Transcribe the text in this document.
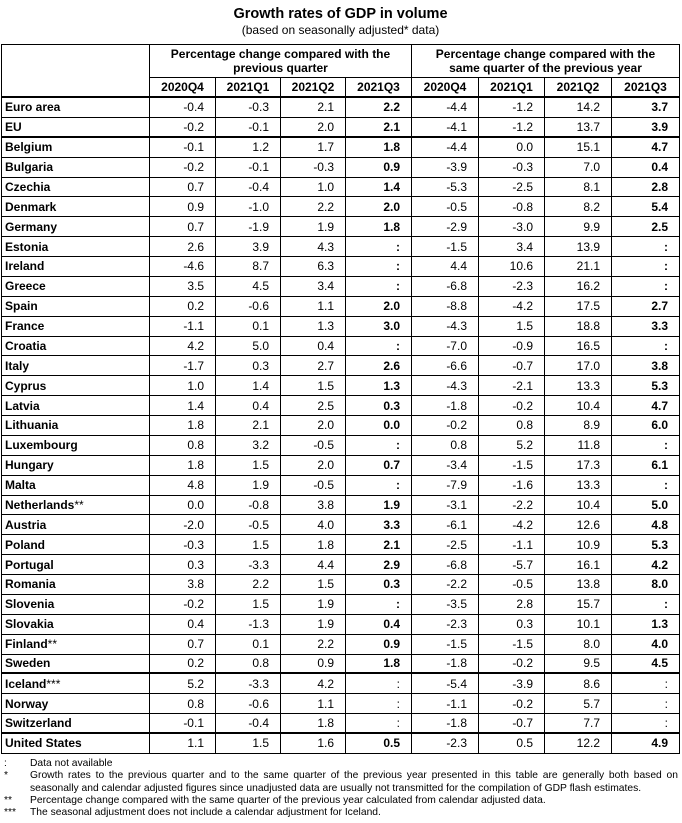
Growth rates of GDP in volume
(based on seasonally adjusted* data)
Percentage change compared with the
previous quarter
Percentage change compared with the
same quarter of the previous year
2020Q4	2021Q1	2021Q2	2021Q3	2020Q4	2021Q1	2021Q2	2021Q3
Euro area	-0.4	-0.3	2.1	2.2	-4.4	-1.2	14.2	3.7
EU	-0.2	-0.1	2.0	2.1	-4.1	-1.2	13.7	3.9
Belgium	-0.1	1.2	1.7	1.8	-4.4	0.0	15.1	4.7
Bulgaria	-0.2	-0.1	-0.3	0.9	-3.9	-0.3	7.0	0.4
Czechia	0.7	-0.4	1.0	1.4	-5.3	-2.5	8.1	2.8
Denmark	0.9	-1.0	2.2	2.0	-0.5	-0.8	8.2	5.4
Germany	0.7	-1.9	1.9	1.8	-2.9	-3.0	9.9	2.5
Estonia	2.6	3.9	4.3	:	-1.5	3.4	13.9	:
Ireland	-4.6	8.7	6.3	:	4.4	10.6	21.1	:
Greece	3.5	4.5	3.4	:	-6.8	-2.3	16.2	:
Spain	0.2	-0.6	1.1	2.0	-8.8	-4.2	17.5	2.7
France	-1.1	0.1	1.3	3.0	-4.3	1.5	18.8	3.3
Croatia	4.2	5.0	0.4	:	-7.0	-0.9	16.5	:
Italy	-1.7	0.3	2.7	2.6	-6.6	-0.7	17.0	3.8
Cyprus	1.0	1.4	1.5	1.3	-4.3	-2.1	13.3	5.3
Latvia	1.4	0.4	2.5	0.3	-1.8	-0.2	10.4	4.7
Lithuania	1.8	2.1	2.0	0.0	-0.2	0.8	8.9	6.0
Luxembourg	0.8	3.2	-0.5	:	0.8	5.2	11.8	:
Hungary	1.8	1.5	2.0	0.7	-3.4	-1.5	17.3	6.1
Malta	4.8	1.9	-0.5	:	-7.9	-1.6	13.3	:
Netherlands **	0.0	-0.8	3.8	1.9	-3.1	-2.2	10.4	5.0
Austria	-2.0	-0.5	4.0	3.3	-6.1	-4.2	12.6	4.8
Poland	-0.3	1.5	1.8	2.1	-2.5	-1.1	10.9	5.3
Portugal	0.3	-3.3	4.4	2.9	-6.8	-5.7	16.1	4.2
Romania	3.8	2.2	1.5	0.3	-2.2	-0.5	13.8	8.0
Slovenia	-0.2	1.5	1.9	:	-3.5	2.8	15.7	:
Slovakia	0.4	-1.3	1.9	0.4	-2.3	0.3	10.1	1.3
Finland **	0.7	0.1	2.2	0.9	-1.5	-1.5	8.0	4.0
Sweden	0.2	0.8	0.9	1.8	-1.8	-0.2	9.5	4.5
Iceland ***	5.2	-3.3	4.2	:	-5.4	-3.9	8.6	:
Norway	0.8	-0.6	1.1	:	-1.1	-0.2	5.7	:
Switzerland	-0.1	-0.4	1.8	:	-1.8	-0.7	7.7	:
United States	1.1	1.5	1.6	0.5	-2.3	0.5	12.2	4.9
: Data not available
* Growth rates to the previous quarter and to the same quarter of the previous year presented in this table are generally both based on
seasonally and calendar adjusted figures since unadjusted data are usually not transmitted for the compilation of GDP flash estimates.
** Percentage change compared with the same quarter of the previous year calculated from calendar adjusted data.
*** The seasonal adjustment does not include a calendar adjustment for Iceland.
